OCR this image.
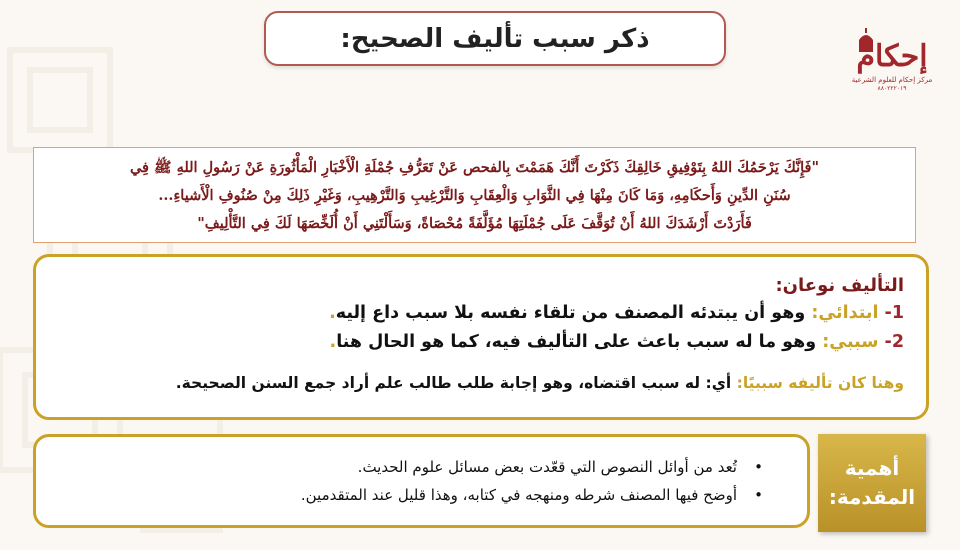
ذكر سبب تأليف الصحيح:
إحكام
مركز إحكام للعلوم الشرعية
٨٨٠٢٢٢٠١٩
"فَإِنَّكَ يَرْحَمُكَ اللهُ بِتَوْفِيقِ خَالِقِكَ ذَكَرْتَ أَنَّكَ هَمَمْتَ بِالفحص عَنْ تَعَرُّفِ جُمْلَةِ الْأَخْبَارِ الْمَأْثُورَةِ عَنْ رَسُولِ اللهِ ﷺ فِي
سُنَنِ الدِّينِ وَأَحكَامِهِ، وَمَا كَانَ مِنْهَا فِي الثَّوَابِ وَالْعِقَابِ وَالتَّرْغِيبِ وَالتَّرْهِيبِ، وَغَيْرِ ذَلِكَ مِنْ صُنُوفِ الْأَشياءِ...
فَأَرَدْتَ أَرْشَدَكَ اللهُ أَنْ تُوَقَّفَ عَلَى جُمْلَتِهَا مُؤَلَّفَةً مُحْصَاةً، وَسَأَلْتَنِي أَنْ أُلَخِّصَهَا لَكَ فِي التَّأْلِيفِ"
التأليف نوعان:
1- ابتدائي: وهو أن يبتدئه المصنف من تلقاء نفسه بلا سبب داع إليه.
2- سببي: وهو ما له سبب باعث على التأليف فيه، كما هو الحال هنا.
وهنا كان تأليفه سببيًا: أي: له سبب اقتضاه، وهو إجابة طلب طالب علم أراد جمع السنن الصحيحة.
• تُعد من أوائل النصوص التي قعّدت بعض مسائل علوم الحديث.
• أوضح فيها المصنف شرطه ومنهجه في كتابه، وهذا قليل عند المتقدمين.
أهمية
المقدمة:
